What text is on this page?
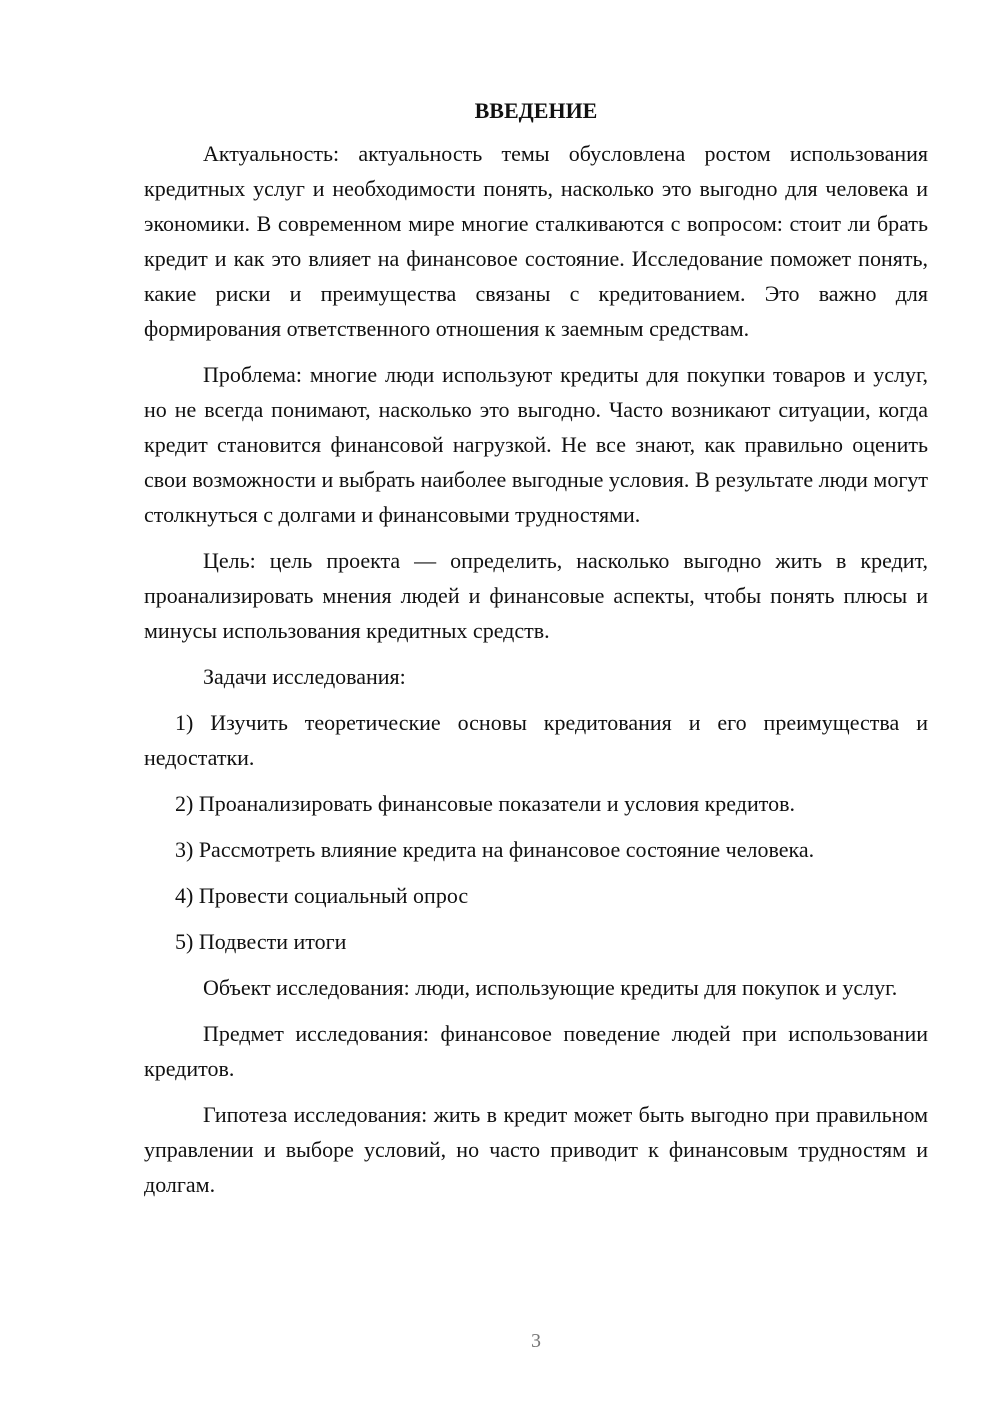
ВВЕДЕНИЕ

Актуальность: актуальность темы обусловлена ростом использования кредитных услуг и необходимости понять, насколько это выгодно для человека и экономики. В современном мире многие сталкиваются с вопросом: стоит ли брать кредит и как это влияет на финансовое состояние. Исследование поможет понять, какие риски и преимущества связаны с кредитованием. Это важно для формирования ответственного отношения к заемным средствам.

Проблема: многие люди используют кредиты для покупки товаров и услуг, но не всегда понимают, насколько это выгодно. Часто возникают ситуации, когда кредит становится финансовой нагрузкой. Не все знают, как правильно оценить свои возможности и выбрать наиболее выгодные условия. В результате люди могут столкнуться с долгами и финансовыми трудностями.

Цель: цель проекта — определить, насколько выгодно жить в кредит, проанализировать мнения людей и финансовые аспекты, чтобы понять плюсы и минусы использования кредитных средств.

Задачи исследования:

1) Изучить теоретические основы кредитования и его преимущества и недостатки.

2) Проанализировать финансовые показатели и условия кредитов.

3) Рассмотреть влияние кредита на финансовое состояние человека.

4) Провести социальный опрос

5) Подвести итоги

Объект исследования: люди, использующие кредиты для покупок и услуг.

Предмет исследования: финансовое поведение людей при использовании кредитов.

Гипотеза исследования: жить в кредит может быть выгодно при правильном управлении и выборе условий, но часто приводит к финансовым трудностям и долгам.

3
